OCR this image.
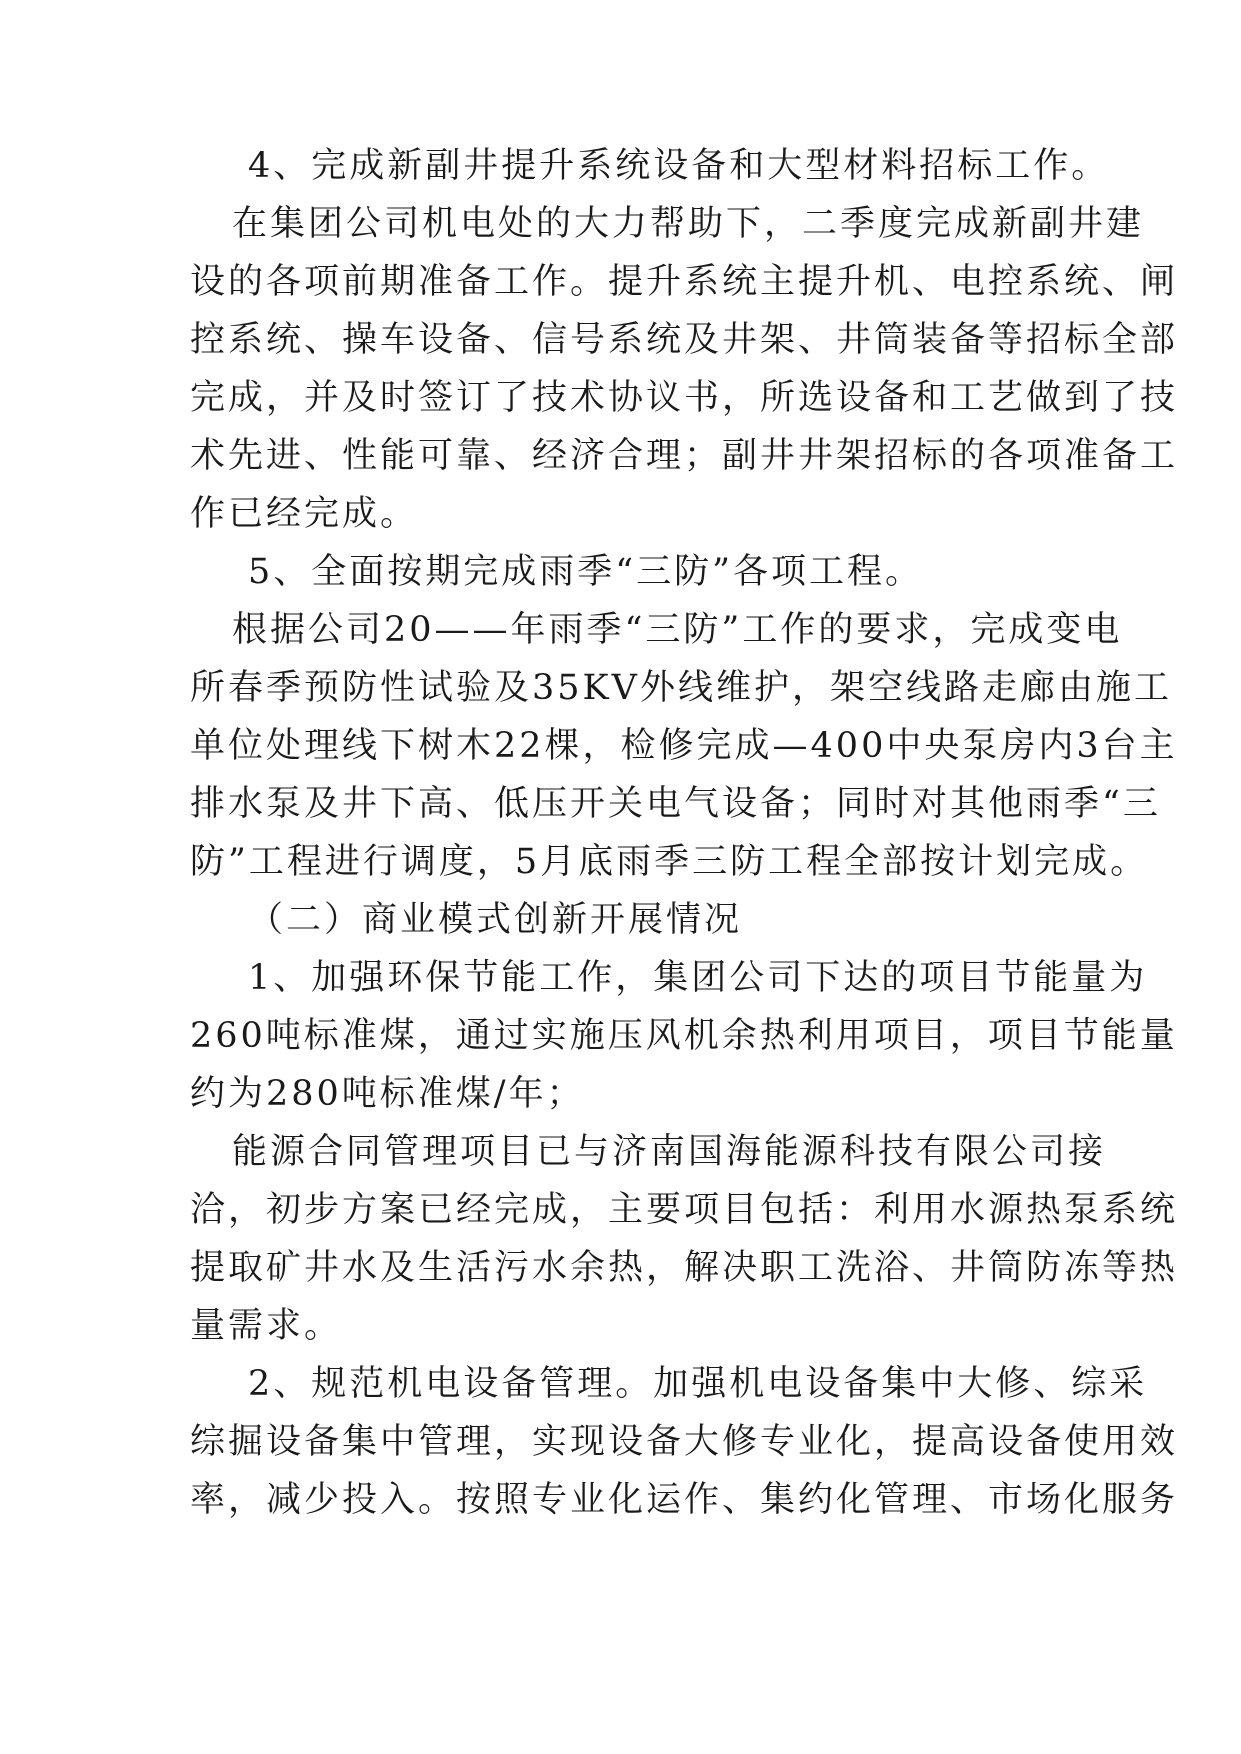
4、完成新副井提升系统设备和大型材料招标工作。
在集团公司机电处的大力帮助下，二季度完成新副井建
设的各项前期准备工作。提升系统主提升机、电控系统、闸
控系统、操车设备、信号系统及井架、井筒装备等招标全部
完成，并及时签订了技术协议书，所选设备和工艺做到了技
术先进、性能可靠、经济合理；副井井架招标的各项准备工
作已经完成。
5、全面按期完成雨季“三防”各项工程。
根据公司20——年雨季“三防”工作的要求，完成变电
所春季预防性试验及35KV外线维护，架空线路走廊由施工
单位处理线下树木22棵，检修完成—400中央泵房内3台主
排水泵及井下高、低压开关电气设备；同时对其他雨季“三
防”工程进行调度，5月底雨季三防工程全部按计划完成。
（二）商业模式创新开展情况
1、加强环保节能工作，集团公司下达的项目节能量为
260吨标准煤，通过实施压风机余热利用项目，项目节能量
约为280吨标准煤/年；
能源合同管理项目已与济南国海能源科技有限公司接
洽，初步方案已经完成，主要项目包括：利用水源热泵系统
提取矿井水及生活污水余热，解决职工洗浴、井筒防冻等热
量需求。
2、规范机电设备管理。加强机电设备集中大修、综采
综掘设备集中管理，实现设备大修专业化，提高设备使用效
率，减少投入。按照专业化运作、集约化管理、市场化服务
